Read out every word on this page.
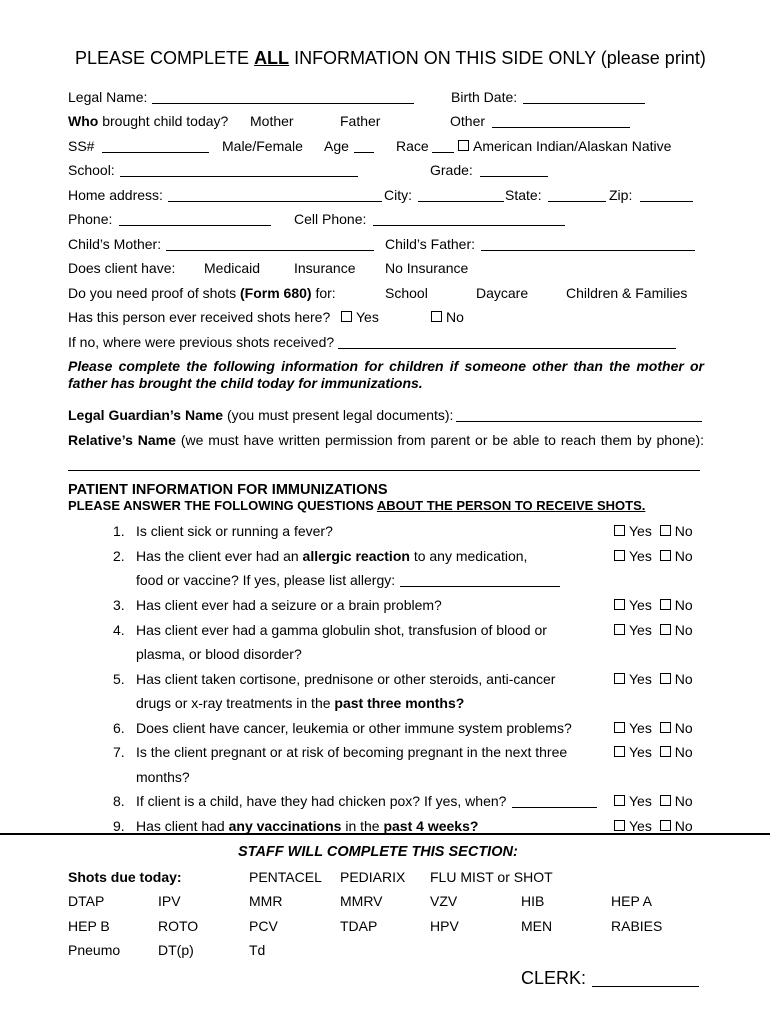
PLEASE COMPLETE ALL INFORMATION ON THIS SIDE ONLY (please print)
Legal Name:	Birth Date:
Who brought child today? Mother	Father	Other
SS#	Male/Female Age	Race	American Indian/Alaskan Native
School:	Grade:
Home address:	City:	State:	Zip:
Phone:	Cell Phone:
Child’s Mother:	Child’s Father:
Does client have: Medicaid Insurance No Insurance
Do you need proof of shots (Form 680) for:	School	Daycare	Children & Families
Has this person ever received shots here?	Yes	No
If no, where were previous shots received?
Please complete the following information for children if someone other than the mother or father has brought the child today for immunizations.
Legal Guardian’s Name (you must present legal documents):
Relative’s Name (we must have written permission from parent or be able to reach them by phone):
PATIENT INFORMATION FOR IMMUNIZATIONS
PLEASE ANSWER THE FOLLOWING QUESTIONS ABOUT THE PERSON TO RECEIVE SHOTS.
1. Is client sick or running a fever?	Yes No
2. Has the client ever had an allergic reaction to any medication,	Yes No
food or vaccine? If yes, please list allergy:
3. Has client ever had a seizure or a brain problem?	Yes No
4. Has client ever had a gamma globulin shot, transfusion of blood or	Yes No
plasma, or blood disorder?
5. Has client taken cortisone, prednisone or other steroids, anti-cancer	Yes No
drugs or x-ray treatments in the past three months?
6. Does client have cancer, leukemia or other immune system problems?	Yes No
7. Is the client pregnant or at risk of becoming pregnant in the next three	Yes No
months?
8. If client is a child, have they had chicken pox? If yes, when?	Yes No
9. Has client had any vaccinations in the past 4 weeks?	Yes No
STAFF WILL COMPLETE THIS SECTION:
Shots due today:	PENTACEL PEDIARIX FLU MIST or SHOT
DTAP	IPV	MMR	MMRV	VZV	HIB	HEP A
HEP B	ROTO	PCV	TDAP	HPV	MEN	RABIES
Pneumo	DT(p)	Td
CLERK:
